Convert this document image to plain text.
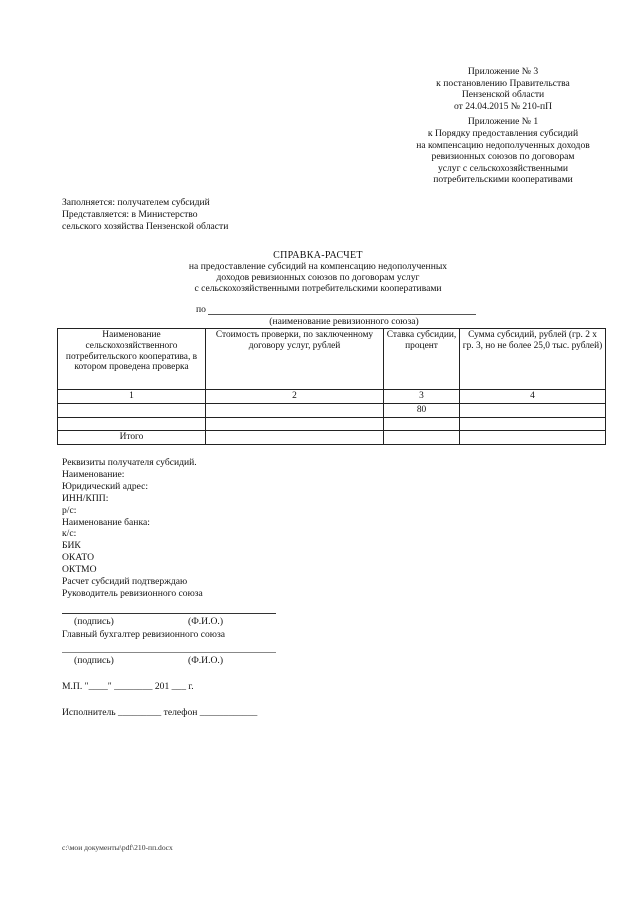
Приложение № 3
к постановлению Правительства
Пензенской области
от 24.04.2015 № 210-пП
Приложение № 1
к Порядку предоставления субсидий
на компенсацию недополученных доходов
ревизионных союзов по договорам
услуг с сельскохозяйственными
потребительскими кооперативами
Заполняется: получателем субсидий
Представляется: в Министерство
сельского хозяйства Пензенской области
СПРАВКА-РАСЧЕТ
на предоставление субсидий на компенсацию недополученных
доходов ревизионных союзов по договорам услуг
с сельскохозяйственными потребительскими кооперативами
по
(наименование ревизионного союза)
Наименование сельскохозяйственного потребительского кооператива, в котором проведена проверка	Стоимость проверки, по заключенному договору услуг, рублей	Ставка субсидии, процент	Сумма субсидий, рублей (гр. 2 х гр. 3, но не более 25,0 тыс. рублей)
1	2	3	4
		80	

Итого			
Реквизиты получателя субсидий.
Наименование:
Юридический адрес:
ИНН/КПП:
р/с:
Наименование банка:
к/с:
БИК
ОКАТО
ОКТМО
Расчет субсидий подтверждаю
Руководитель ревизионного союза
(подпись)	(Ф.И.О.)
Главный бухгалтер ревизионного союза
(подпись)	(Ф.И.О.)
М.П. "____" ________ 201 ___ г.
Исполнитель _________ телефон ____________
c:\мои документы\pdf\210-пп.docx
